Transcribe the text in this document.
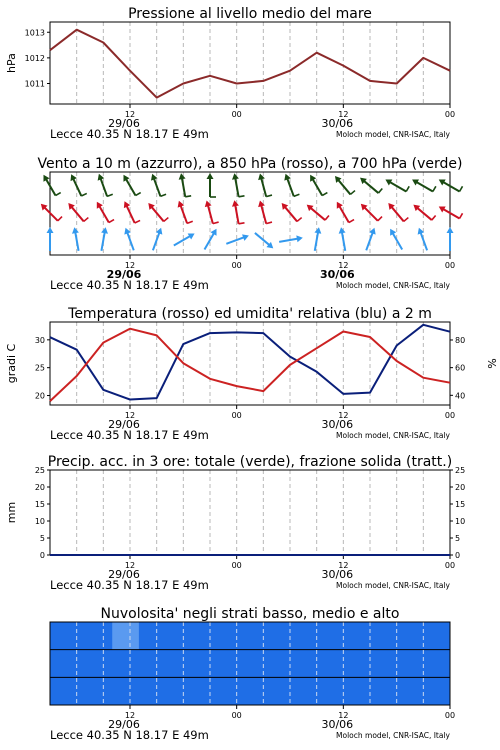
Pressione al livello medio del mare
12
29/06
00	12
30/06
00
Lecce 40.35 N 18.17 E 49m	Moloch model, CNR-ISAC, Italy
1011
1012
1013
hPa
Vento a 10 m (azzurro), a 850 hPa (rosso), a 700 hPa (verde)
12
29/06
00	12
30/06
00
Lecce 40.35 N 18.17 E 49m	Moloch model, CNR-ISAC, Italy
Temperatura (rosso) ed umidita' relativa (blu) a 2 m
12
29/06
00	12
30/06
00
Lecce 40.35 N 18.17 E 49m	Moloch model, CNR-ISAC, Italy
20
25
30
40
60
80
gradi C	%
Precip. acc. in 3 ore: totale (verde), frazione solida (tratt.)
12
29/06
00	12
30/06
00
Lecce 40.35 N 18.17 E 49m	Moloch model, CNR-ISAC, Italy
0
5
10
15
20
25
0
5
10
15
20
25
mm
Nuvolosita' negli strati basso, medio e alto
12
29/06
00	12
30/06
00
Lecce 40.35 N 18.17 E 49m	Moloch model, CNR-ISAC, Italy
